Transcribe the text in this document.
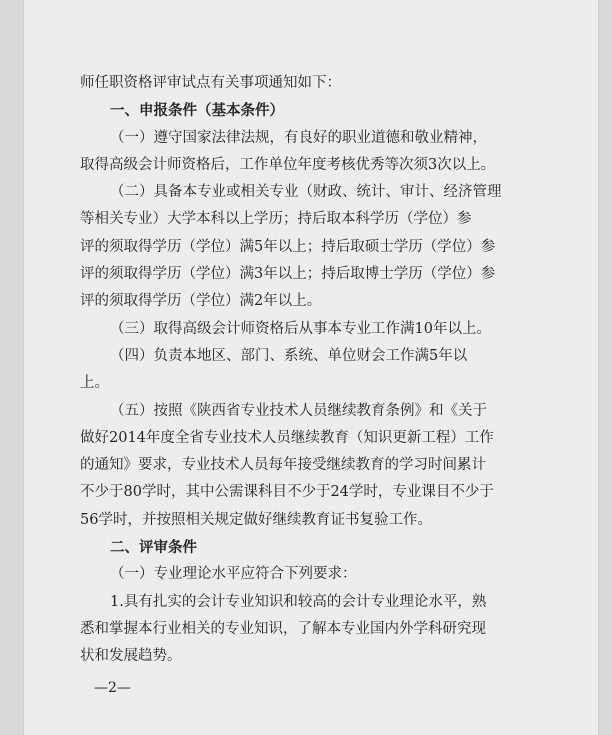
师任职资格评审试点有关事项通知如下：
一、申报条件（基本条件）
（一）遵守国家法律法规，有良好的职业道德和敬业精神，
取得高级会计师资格后，工作单位年度考核优秀等次须3次以上。
（二）具备本专业或相关专业（财政、统计、审计、经济管理
等相关专业）大学本科以上学历；持后取本科学历（学位）参
评的须取得学历（学位）满5年以上；持后取硕士学历（学位）参
评的须取得学历（学位）满3年以上；持后取博士学历（学位）参
评的须取得学历（学位）满2年以上。
（三）取得高级会计师资格后从事本专业工作满10年以上。
（四）负责本地区、部门、系统、单位财会工作满5年以
上。
（五）按照《陕西省专业技术人员继续教育条例》和《关于
做好2014年度全省专业技术人员继续教育（知识更新工程）工作
的通知》要求，专业技术人员每年接受继续教育的学习时间累计
不少于80学时，其中公需课科目不少于24学时，专业课目不少于
56学时，并按照相关规定做好继续教育证书复验工作。
二、评审条件
（一）专业理论水平应符合下列要求：
1.具有扎实的会计专业知识和较高的会计专业理论水平，熟
悉和掌握本行业相关的专业知识，了解本专业国内外学科研究现
状和发展趋势。
—2—
